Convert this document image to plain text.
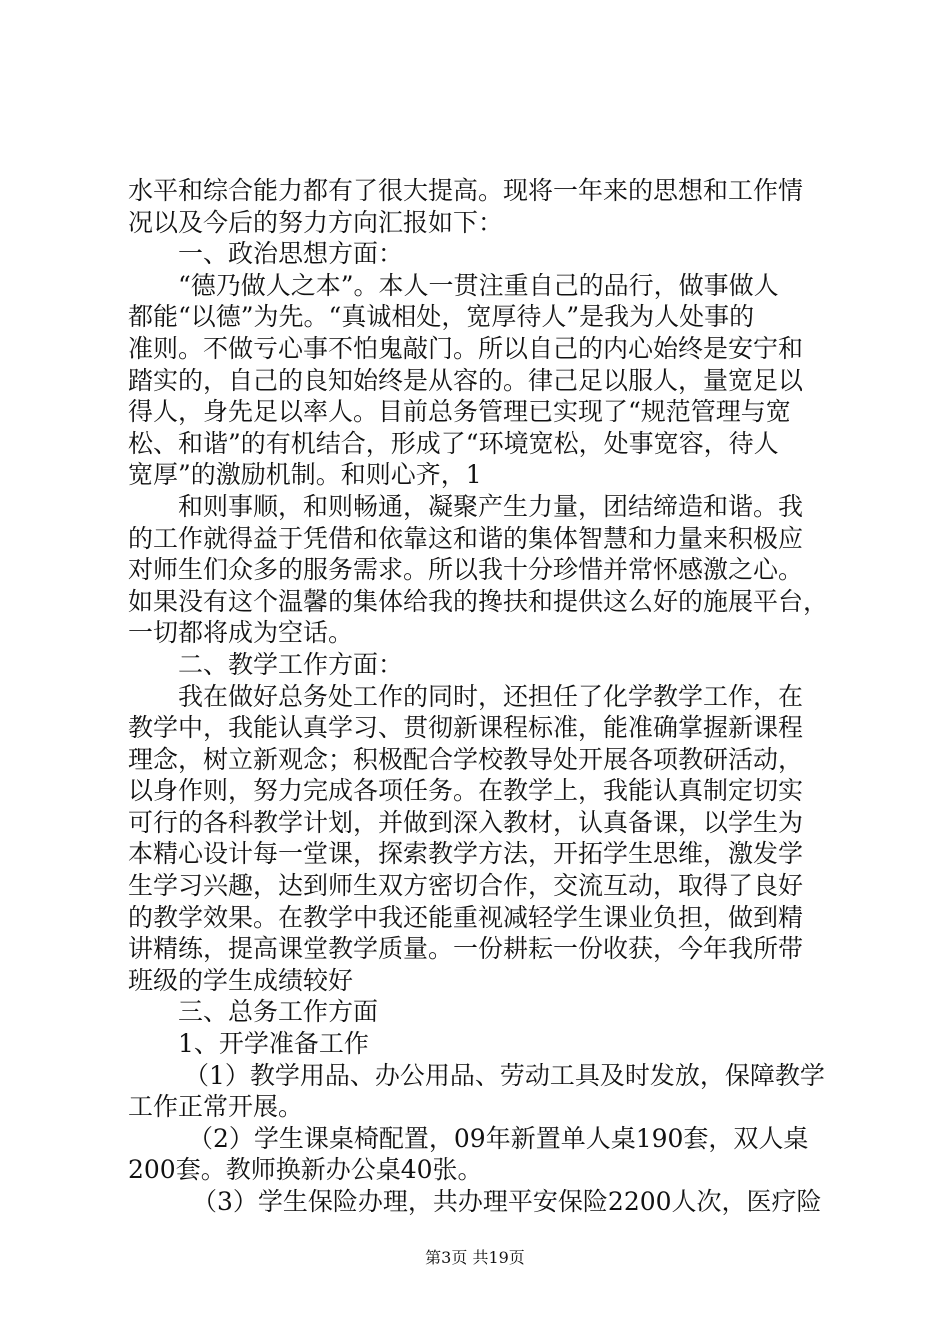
水平和综合能力都有了很大提高。现将一年来的思想和工作情
况以及今后的努力方向汇报如下：
一、政治思想方面：
“德乃做人之本”。本人一贯注重自己的品行，做事做人
都能“以德”为先。“真诚相处，宽厚待人”是我为人处事的
准则。不做亏心事不怕鬼敲门。所以自己的内心始终是安宁和
踏实的，自己的良知始终是从容的。律己足以服人，量宽足以
得人，身先足以率人。目前总务管理已实现了“规范管理与宽
松、和谐”的有机结合，形成了“环境宽松，处事宽容，待人
宽厚”的激励机制。和则心齐，1
和则事顺，和则畅通，凝聚产生力量，团结缔造和谐。我
的工作就得益于凭借和依靠这和谐的集体智慧和力量来积极应
对师生们众多的服务需求。所以我十分珍惜并常怀感激之心。
如果没有这个温馨的集体给我的搀扶和提供这么好的施展平台，
一切都将成为空话。
二、教学工作方面：
我在做好总务处工作的同时，还担任了化学教学工作，在
教学中，我能认真学习、贯彻新课程标准，能准确掌握新课程
理念，树立新观念；积极配合学校教导处开展各项教研活动，
以身作则，努力完成各项任务。在教学上，我能认真制定切实
可行的各科教学计划，并做到深入教材，认真备课，以学生为
本精心设计每一堂课，探索教学方法，开拓学生思维，激发学
生学习兴趣，达到师生双方密切合作，交流互动，取得了良好
的教学效果。在教学中我还能重视减轻学生课业负担，做到精
讲精练，提高课堂教学质量。一份耕耘一份收获，今年我所带
班级的学生成绩较好
三、总务工作方面
1、开学准备工作
（1）教学用品、办公用品、劳动工具及时发放，保障教学
工作正常开展。
（2）学生课桌椅配置，09年新置单人桌190套，双人桌
200套。教师换新办公桌40张。
（3）学生保险办理，共办理平安保险2200人次，医疗险
第3页 共19页
